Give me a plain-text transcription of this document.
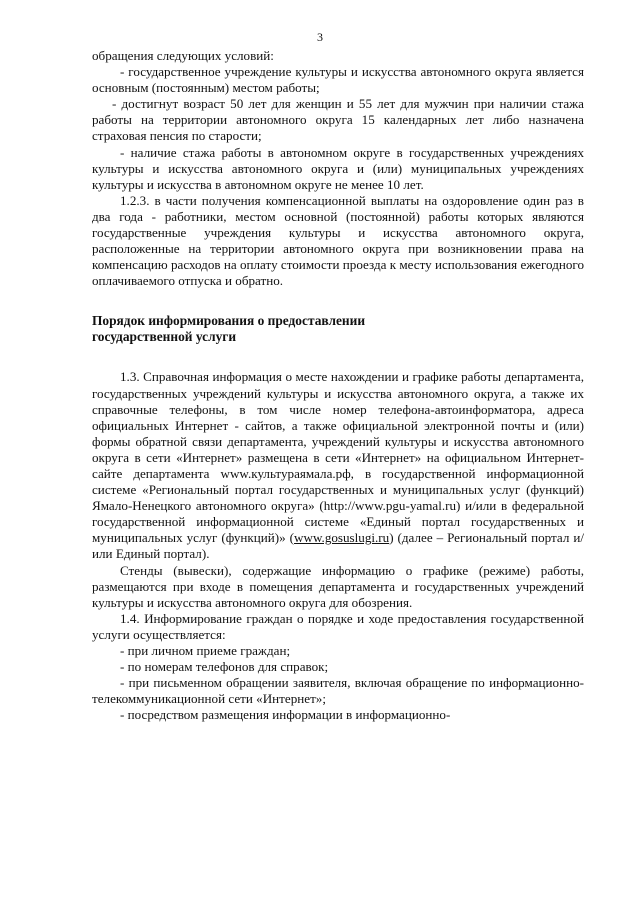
3

обращения следующих условий:

- государственное учреждение культуры и искусства автономного округа является основным (постоянным) местом работы;

- достигнут возраст 50 лет для женщин и 55 лет для мужчин при наличии стажа работы на территории автономного округа 15 календарных лет либо назначена страховая пенсия по старости;

- наличие стажа работы в автономном округе в государственных учреждениях культуры и искусства автономного округа и (или) муниципальных учреждениях культуры и искусства в автономном округе не менее 10 лет.

1.2.3. в части получения компенсационной выплаты на оздоровление один раз в два года - работники, местом основной (постоянной) работы которых являются государственные учреждения культуры и искусства автономного округа, расположенные на территории автономного округа при возникновении права на компенсацию расходов на оплату стоимости проезда к месту использования ежегодного оплачиваемого отпуска и обратно.

Порядок информирования о предоставлении

государственной услуги

1.3. Справочная информация о месте нахождении и графике работы департамента, государственных учреждений культуры и искусства автономного округа, а также их справочные телефоны, в том числе номер телефона-автоинформатора, адреса официальных Интернет - сайтов, а также официальной электронной почты и (или) формы обратной связи департамента, учреждений культуры и искусства автономного округа в сети «Интернет» размещена в сети «Интернет» на официальном Интернет-сайте департамента www.культураямала.рф, в государственной информационной системе «Региональный портал государственных и муниципальных услуг (функций) Ямало-Ненецкого автономного округа» (http://www.pgu-yamal.ru) и/или в федеральной государственной информационной системе «Единый портал государственных и муниципальных услуг (функций)» (www.gosuslugi.ru) (далее – Региональный портал и/или Единый портал).

Стенды (вывески), содержащие информацию о графике (режиме) работы, размещаются при входе в помещения департамента и государственных учреждений культуры и искусства автономного округа для обозрения.

1.4. Информирование граждан о порядке и ходе предоставления государственной услуги осуществляется:

- при личном приеме граждан;

- по номерам телефонов для справок;

- при письменном обращении заявителя, включая обращение по информационно-телекоммуникационной сети «Интернет»;

- посредством размещения информации в информационно-
